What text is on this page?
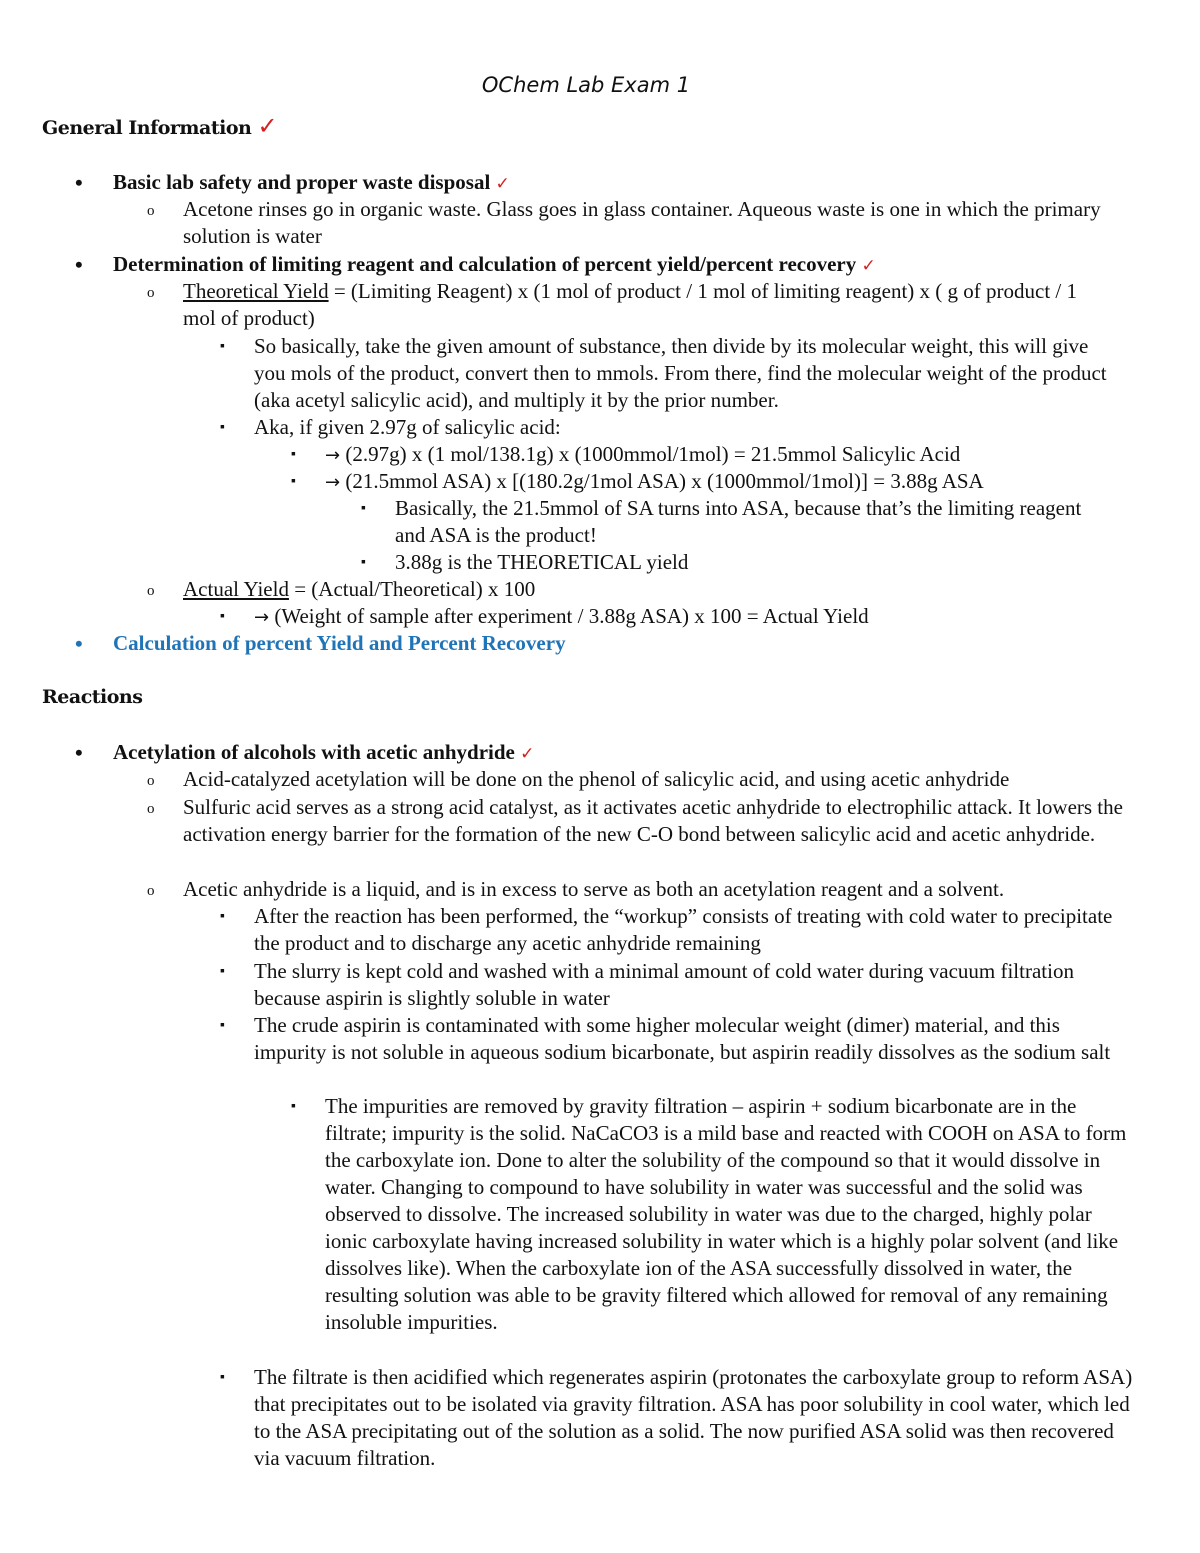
OChem Lab Exam 1
General Information ✓
• Basic lab safety and proper waste disposal ✓
o Acetone rinses go in organic waste. Glass goes in glass container. Aqueous waste is one in which the primary solution is water
• Determination of limiting reagent and calculation of percent yield/percent recovery ✓
o Theoretical Yield = (Limiting Reagent) x (1 mol of product / 1 mol of limiting reagent) x ( g of product / 1 mol of product)
▪ So basically, take the given amount of substance, then divide by its molecular weight, this will give you mols of the product, convert then to mmols. From there, find the molecular weight of the product (aka acetyl salicylic acid), and multiply it by the prior number.
▪ Aka, if given 2.97g of salicylic acid:
▪ → (2.97g) x (1 mol/138.1g) x (1000mmol/1mol) = 21.5mmol Salicylic Acid
▪ → (21.5mmol ASA) x [(180.2g/1mol ASA) x (1000mmol/1mol)] = 3.88g ASA
▪ Basically, the 21.5mmol of SA turns into ASA, because that’s the limiting reagent and ASA is the product!
▪ 3.88g is the THEORETICAL yield
o Actual Yield = (Actual/Theoretical) x 100
▪ → (Weight of sample after experiment / 3.88g ASA) x 100 = Actual Yield
• Calculation of percent Yield and Percent Recovery
Reactions
• Acetylation of alcohols with acetic anhydride ✓
o Acid-catalyzed acetylation will be done on the phenol of salicylic acid, and using acetic anhydride
o Sulfuric acid serves as a strong acid catalyst, as it activates acetic anhydride to electrophilic attack. It lowers the activation energy barrier for the formation of the new C-O bond between salicylic acid and acetic anhydride.
o Acetic anhydride is a liquid, and is in excess to serve as both an acetylation reagent and a solvent.
▪ After the reaction has been performed, the “workup” consists of treating with cold water to precipitate the product and to discharge any acetic anhydride remaining
▪ The slurry is kept cold and washed with a minimal amount of cold water during vacuum filtration because aspirin is slightly soluble in water
▪ The crude aspirin is contaminated with some higher molecular weight (dimer) material, and this impurity is not soluble in aqueous sodium bicarbonate, but aspirin readily dissolves as the sodium salt
▪ The impurities are removed by gravity filtration – aspirin + sodium bicarbonate are in the filtrate; impurity is the solid. NaCaCO3 is a mild base and reacted with COOH on ASA to form the carboxylate ion. Done to alter the solubility of the compound so that it would dissolve in water. Changing to compound to have solubility in water was successful and the solid was observed to dissolve. The increased solubility in water was due to the charged, highly polar ionic carboxylate having increased solubility in water which is a highly polar solvent (and like dissolves like). When the carboxylate ion of the ASA successfully dissolved in water, the resulting solution was able to be gravity filtered which allowed for removal of any remaining insoluble impurities.
▪ The filtrate is then acidified which regenerates aspirin (protonates the carboxylate group to reform ASA) that precipitates out to be isolated via gravity filtration. ASA has poor solubility in cool water, which led to the ASA precipitating out of the solution as a solid. The now purified ASA solid was then recovered via vacuum filtration.
